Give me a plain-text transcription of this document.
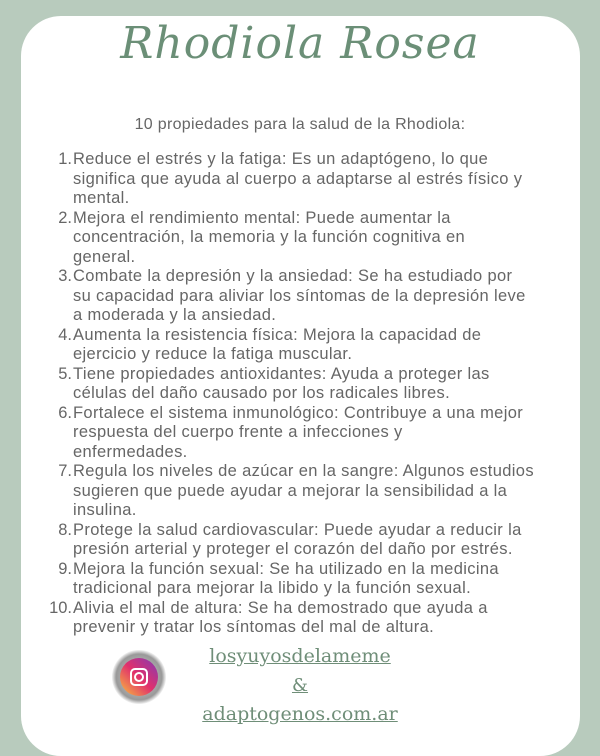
Rhodiola Rosea
10 propiedades para la salud de la Rhodiola:
1. Reduce el estrés y la fatiga: Es un adaptógeno, lo que
significa que ayuda al cuerpo a adaptarse al estrés físico y
mental.
2. Mejora el rendimiento mental: Puede aumentar la
concentración, la memoria y la función cognitiva en
general.
3. Combate la depresión y la ansiedad: Se ha estudiado por
su capacidad para aliviar los síntomas de la depresión leve
a moderada y la ansiedad.
4. Aumenta la resistencia física: Mejora la capacidad de
ejercicio y reduce la fatiga muscular.
5. Tiene propiedades antioxidantes: Ayuda a proteger las
células del daño causado por los radicales libres.
6. Fortalece el sistema inmunológico: Contribuye a una mejor
respuesta del cuerpo frente a infecciones y
enfermedades.
7. Regula los niveles de azúcar en la sangre: Algunos estudios
sugieren que puede ayudar a mejorar la sensibilidad a la
insulina.
8. Protege la salud cardiovascular: Puede ayudar a reducir la
presión arterial y proteger el corazón del daño por estrés.
9. Mejora la función sexual: Se ha utilizado en la medicina
tradicional para mejorar la libido y la función sexual.
10. Alivia el mal de altura: Se ha demostrado que ayuda a
prevenir y tratar los síntomas del mal de altura.
losyuyosdelameme
&
adaptogenos.com.ar
